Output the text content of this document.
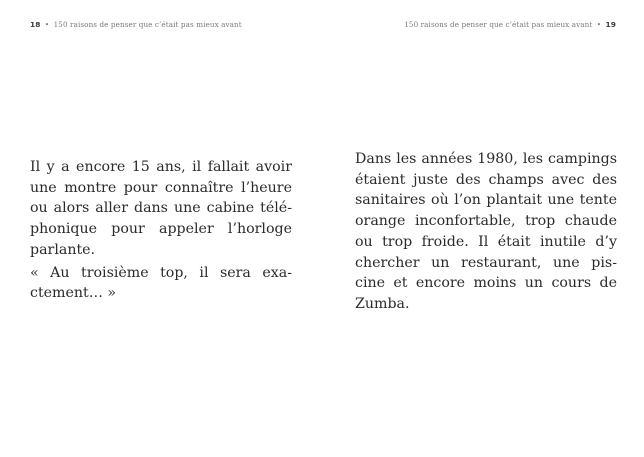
18 • 150 raisons de penser que c’était pas mieux avant
Il y a encore 15 ans, il fallait avoir
une montre pour connaître l’heure
ou alors aller dans une cabine télé-
phonique pour appeler l’horloge
parlante.
« Au troisième top, il sera exa-
ctement… »
150 raisons de penser que c’était pas mieux avant • 19
Dans les années 1980, les campings
étaient juste des champs avec des
sanitaires où l’on plantait une tente
orange inconfortable, trop chaude
ou trop froide. Il était inutile d’y
chercher un restaurant, une pis-
cine et encore moins un cours de
Zumba.
